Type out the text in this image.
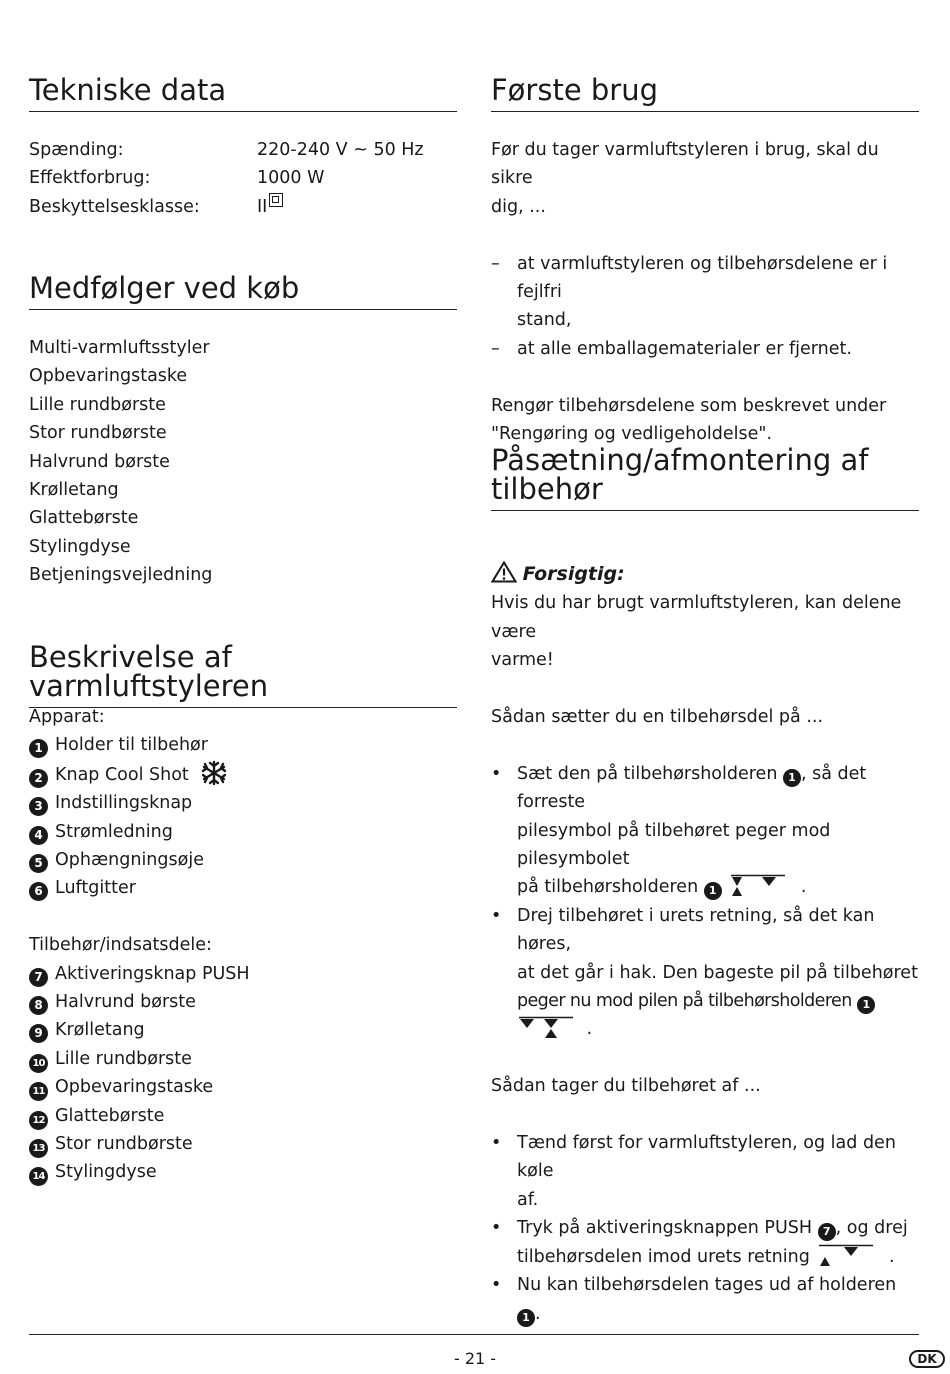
Tekniske data
Spænding:	220-240 V ~ 50 Hz
Effektforbrug:	1000 W
Beskyttelsesklasse:	II
Medfølger ved køb
Multi-varmluftsstyler
Opbevaringstaske
Lille rundbørste
Stor rundbørste
Halvrund børste
Krølletang
Glattebørste
Stylingdyse
Betjeningsvejledning
Beskrivelse af varmluftstyleren
Apparat:
1 Holder til tilbehør
2 Knap Cool Shot
3 Indstillingsknap
4 Strømledning
5 Ophængningsøje
6 Luftgitter
Tilbehør/indsatsdele:
7 Aktiveringsknap PUSH
8 Halvrund børste
9 Krølletang
10 Lille rundbørste
11 Opbevaringstaske
12 Glattebørste
13 Stor rundbørste
14 Stylingdyse
Første brug
Før du tager varmluftstyleren i brug, skal du sikre
dig, ...
– at varmluftstyleren og tilbehørsdelene er i fejlfri
stand,
– at alle emballagematerialer er fjernet.
Rengør tilbehørsdelene som beskrevet under
"Rengøring og vedligeholdelse".
Påsætning/afmontering af
tilbehør
Forsigtig:
Hvis du har brugt varmluftstyleren, kan delene være
varme!
Sådan sætter du en tilbehørsdel på ...
• Sæt den på tilbehørsholderen 1 , så det forreste
pilesymbol på tilbehøret peger mod pilesymbolet
på tilbehørsholderen 1	.
• Drej tilbehøret i urets retning, så det kan høres,
at det går i hak. Den bageste pil på tilbehøret
peger nu mod pilen på tilbehørsholderen 1
.
Sådan tager du tilbehøret af ...
• Tænd først for varmluftstyleren, og lad den køle
af.
• Tryk på aktiveringsknappen PUSH 7 , og drej
tilbehørsdelen imod urets retning	.
• Nu kan tilbehørsdelen tages ud af holderen 1 .
- 21 -	DK
